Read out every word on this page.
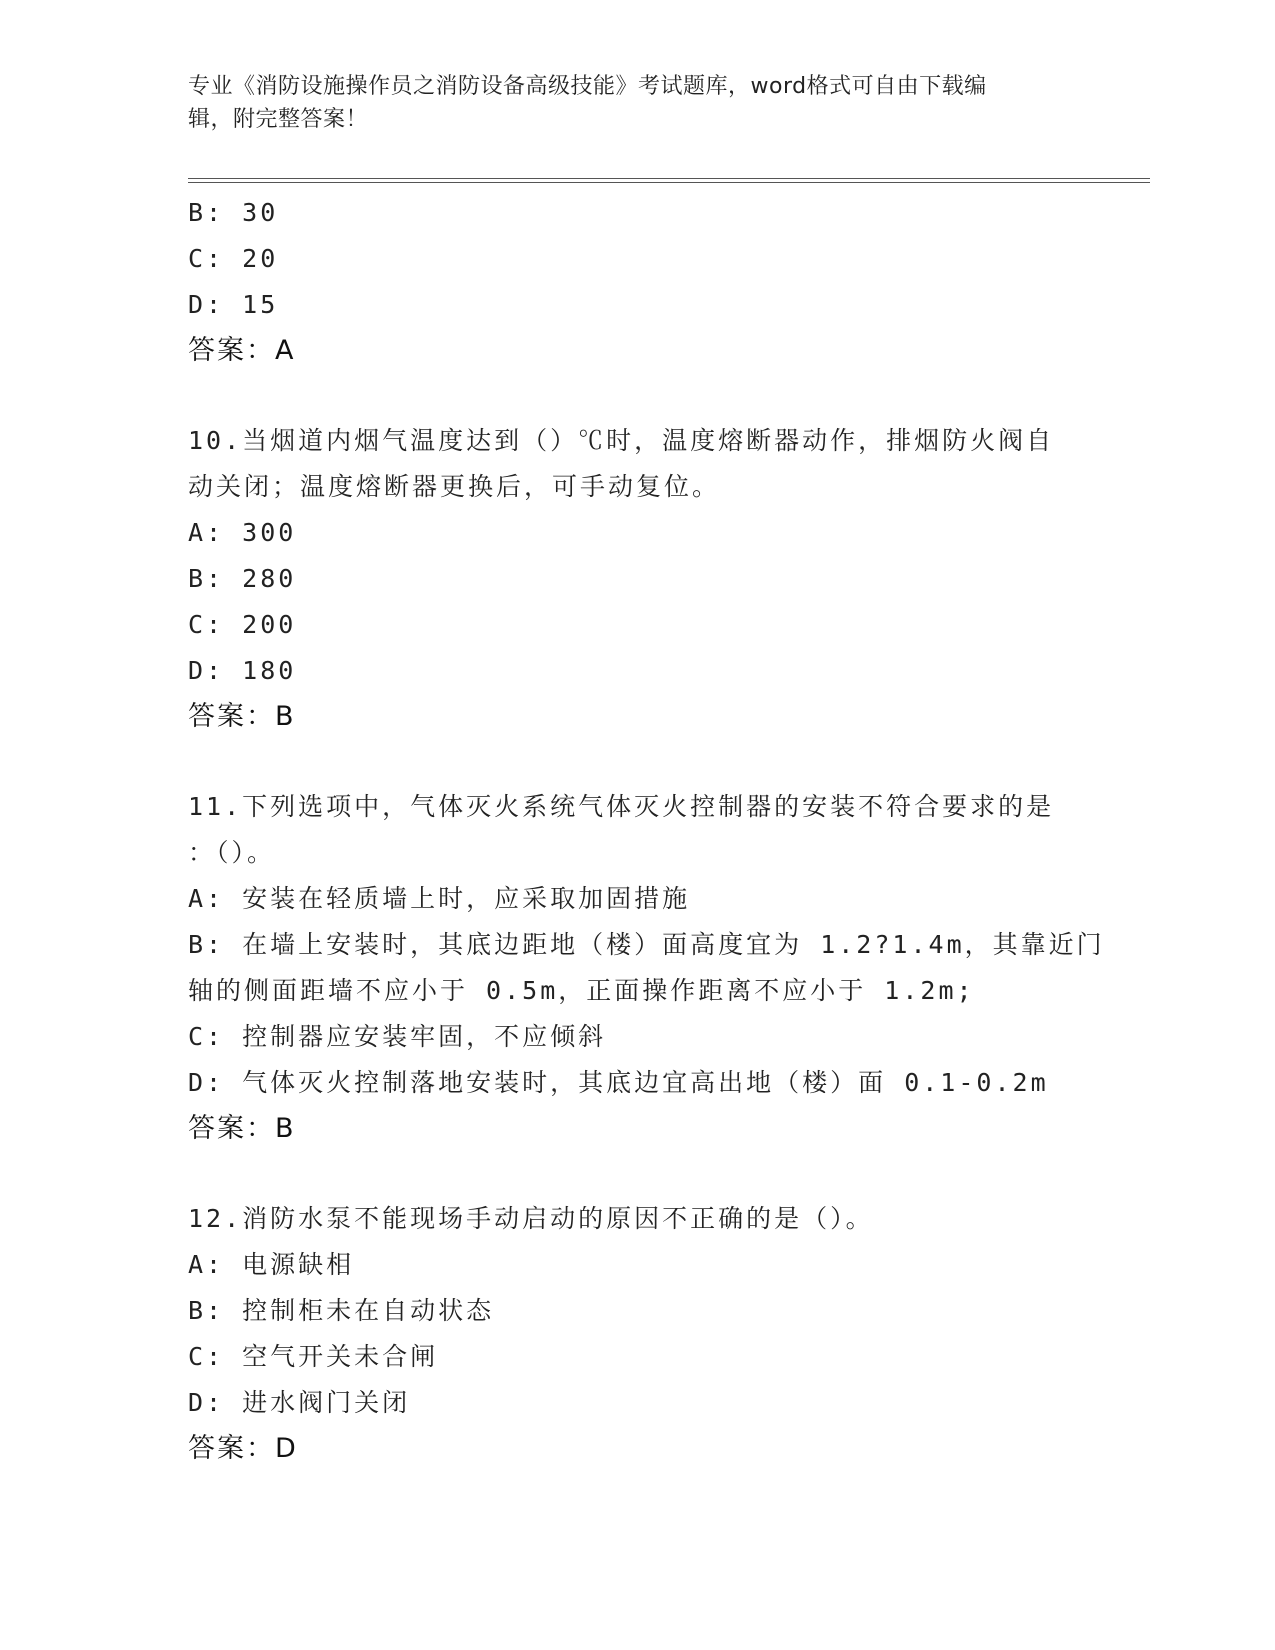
专业《消防设施操作员之消防设备高级技能》考试题库，word格式可自由下载编
辑，附完整答案！
B: 30
C: 20
D: 15
答案：A
10.当烟道内烟气温度达到（）℃时，温度熔断器动作，排烟防火阀自
动关闭；温度熔断器更换后，可手动复位。
A: 300
B: 280
C: 200
D: 180
答案：B
11.下列选项中，气体灭火系统气体灭火控制器的安装不符合要求的是
：（）。
A: 安装在轻质墙上时，应采取加固措施
B: 在墙上安装时，其底边距地（楼）面高度宜为 1.2?1.4m，其靠近门
轴的侧面距墙不应小于 0.5m，正面操作距离不应小于 1.2m;
C: 控制器应安装牢固，不应倾斜
D: 气体灭火控制落地安装时，其底边宜高出地（楼）面 0.1-0.2m
答案：B
12.消防水泵不能现场手动启动的原因不正确的是（）。
A: 电源缺相
B: 控制柜未在自动状态
C: 空气开关未合闸
D: 进水阀门关闭
答案：D
